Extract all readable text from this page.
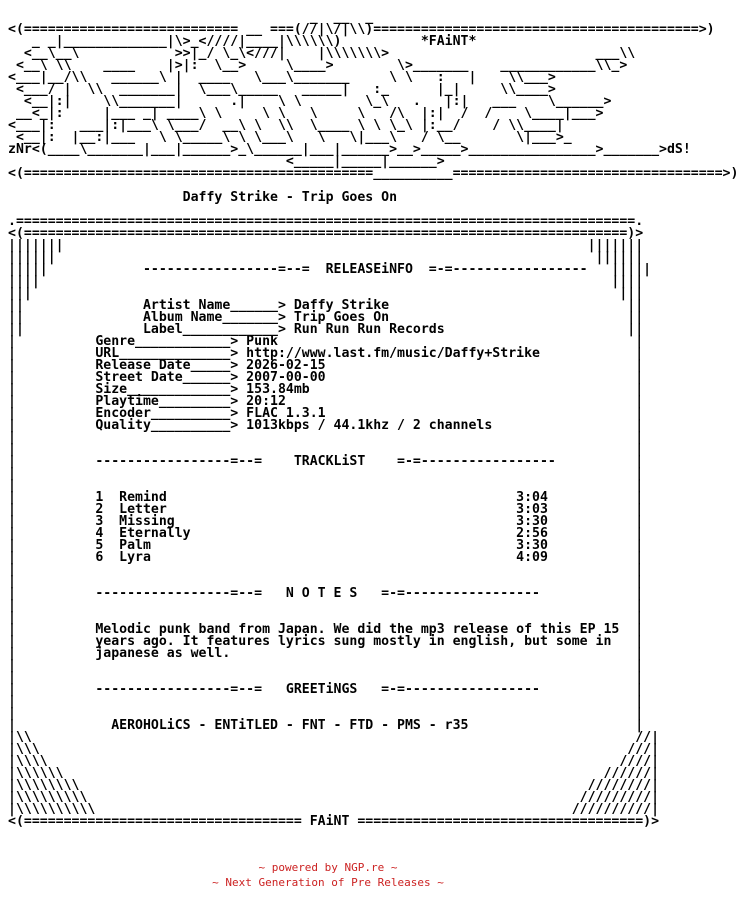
_  __  _
<(=========================== __ ===(//|\/|\\)=========================================>)
_ _|_____________|\>_<////|____|\\\\\\)          *FAiNT*
<__\__\            >>|_/ \_\<///|    |\\\\\\\>                          ___\\
<__\ \\    ____    |>|:  \__>     \____>        \>_______    ____________\\_>
<___|__/\\   ______\ |  ____   \___\_______     \ \   :   |    \\___>
<___/ |  \\  _______|  \___\_____   _____|   :_      |_|     \\____>
<__|:|    \\_______|      .|    \ \        \_\   .   |:|   ___    \______>
__<_|:     |___ _| ____\ \     \ \   \     \   /\  |:|  /  /    \____|___>
<___|:   ___|:|___\ \___/  __\ \  \\  \____ \ \ \_\ |:__/    / \\____|
<__|:  |__:|___   \ \_____\ \ \___\   \   \|___\   / \__       \|___>_
zNr<(____\_______|___|______>_\______|___|______>__>_____>________________>_______>dS!
<_____|_____|______>
<(============================================__________==================================>)

Daffy Strike - Trip Goes On

.==============================================================================.
<(============================================================================)>
|||||||                                                                  |||||||
||||||                                                                    ||||||
|||||            -----------------=--=  RELEASEiNFO  =-=-----------------   |||||
||||                                                                        ||||
|||                                                                          |||
||               Artist Name______> Daffy Strike                              ||
||               Album Name_______> Trip Goes On                              ||
||               Label____________> Run Run Run Records                       ||
|          Genre____________> Punk                                             |
|          URL______________> http://www.last.fm/music/Daffy+Strike            |
|          Release Date_____> 2026-02-15                                       |
|          Street Date______> 2007-00-00                                       |
|          Size_____________> 153.84mb                                         |
|          Playtime_________> 20:12                                            |
|          Encoder__________> FLAC 1.3.1                                       |
|          Quality__________> 1013kbps / 44.1khz / 2 channels                  |
|                                                                              |
|                                                                              |
|          -----------------=--=    TRACKLiST    =-=-----------------          |
|                                                                              |
|                                                                              |
|          1  Remind                                            3:04           |
|          2  Letter                                            3:03           |
|          3  Missing                                           3:30           |
|          4  Eternally                                         2:56           |
|          5  Palm                                              3:30           |
|          6  Lyra                                              4:09           |
|                                                                              |
|                                                                              |
|          -----------------=--=   N O T E S   =-=-----------------            |
|                                                                              |
|                                                                              |
|          Melodic punk band from Japan. We did the mp3 release of this EP 15  |
|          years ago. It features lyrics sung mostly in english, but some in   |
|          japanese as well.                                                   |
|                                                                              |
|                                                                              |
|          -----------------=--=   GREETiNGS   =-=-----------------            |
|                                                                              |
|                                                                              |
|            AEROHOLiCS - ENTiTLED - FNT - FTD - PMS - r35                     |
|\\                                                                            //|
|\\\                                                                          ///|
|\\\\                                                                        ////|
|\\\\\\                                                                    //////|
|\\\\\\\\                                                                ////////|
|\\\\\\\\\                                                              /////////|
|\\\\\\\\\\                                                            //////////|
<(=================================== FAiNT ====================================)>
~ powered by NGP.re ~
~ Next Generation of Pre Releases ~
